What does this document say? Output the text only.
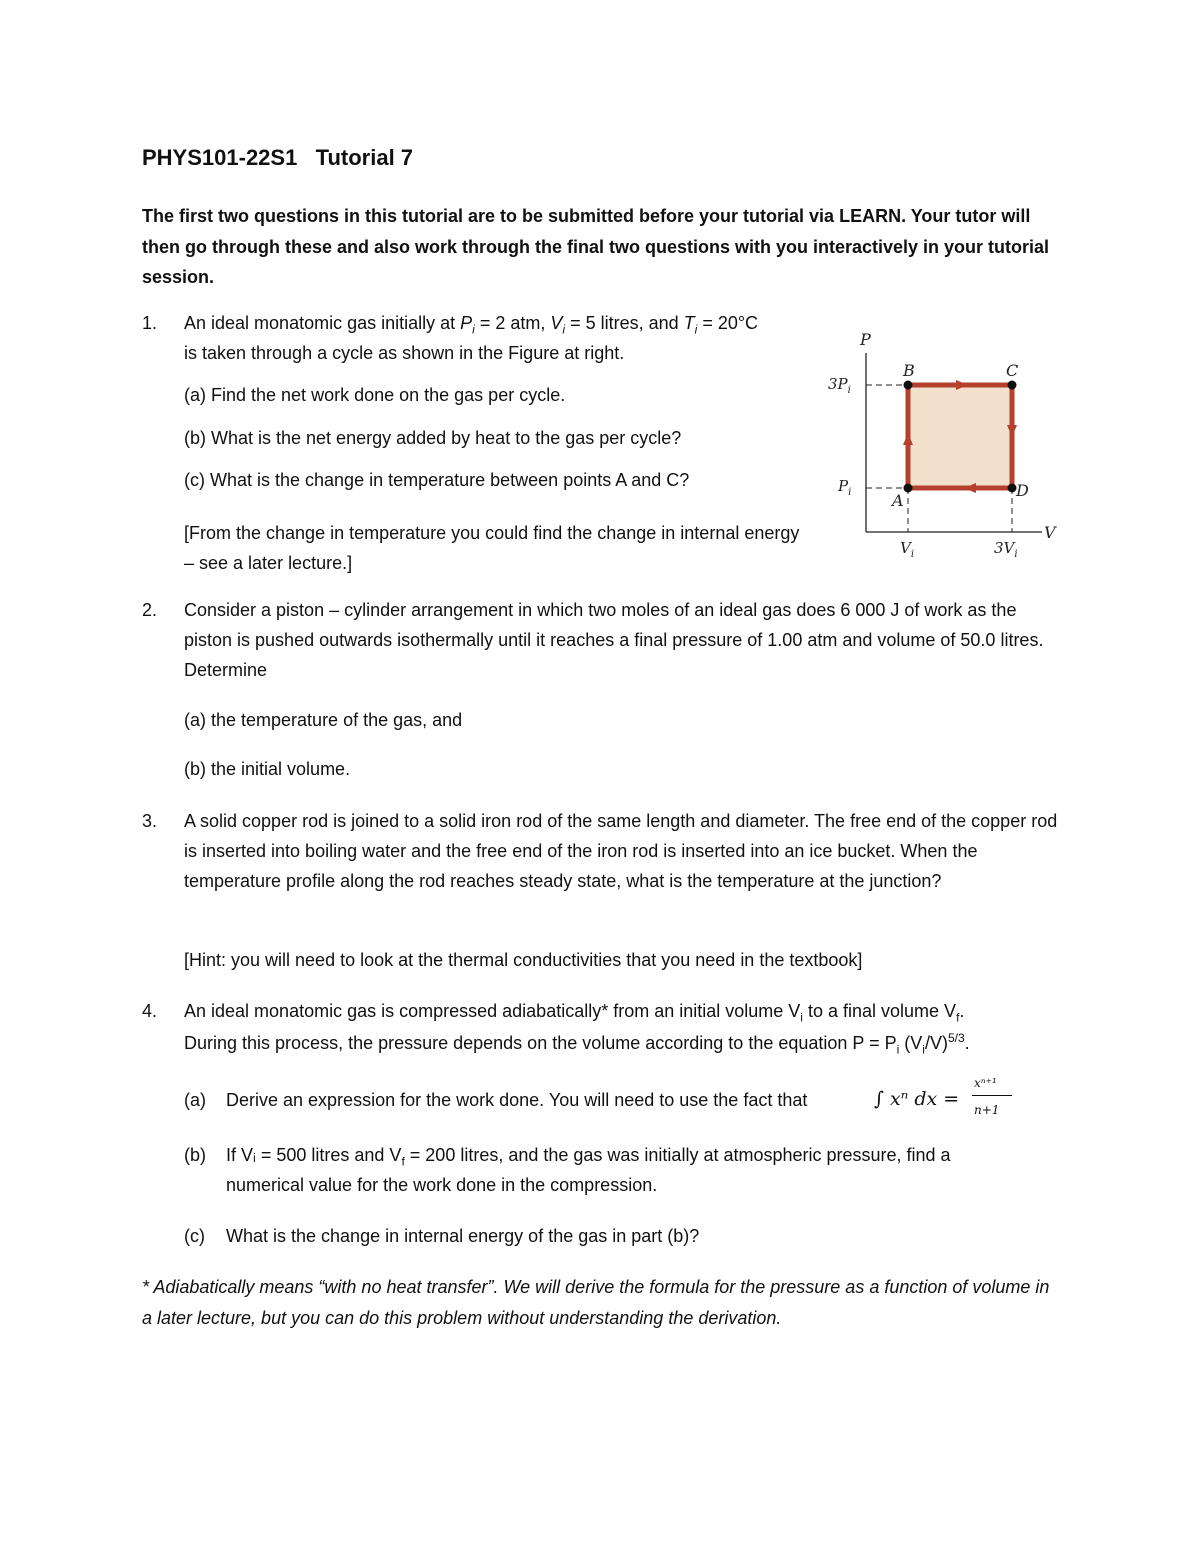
PHYS101-22S1   Tutorial 7
The first two questions in this tutorial are to be submitted before your tutorial via LEARN. Your tutor will then go through these and also work through the final two questions with you interactively in your tutorial session.
1. An ideal monatomic gas initially at $P_i = 2$ atm, $V_i = 5$ litres, and $T_i = 20^\circ C$
is taken through a cycle as shown in the Figure at right.
(a) Find the net work done on the gas per cycle.
(b) What is the net energy added by heat to the gas per cycle?
(c) What is the change in temperature between points A and C?
[From the change in temperature you could find the change in internal energy – see a later lecture.]
P
V
$3P_i$
$P_i$
$V_i$	$3V_i$
B	C
A
D
2. Consider a piston – cylinder arrangement in which two moles of an ideal gas does 6 000 J of work as the piston is pushed outwards isothermally until it reaches a final pressure of 1.00 atm and volume of 50.0 litres. Determine
(a) the temperature of the gas, and
(b) the initial volume.
3. A solid copper rod is joined to a solid iron rod of the same length and diameter. The free end of the copper rod is inserted into boiling water and the free end of the iron rod is inserted into an ice bucket. When the temperature profile along the rod reaches steady state, what is the temperature at the junction?
[Hint: you will need to look at the thermal conductivities that you need in the textbook]
4. An ideal monatomic gas is compressed adiabatically* from an initial volume $V_i$ to a final volume $V_f$.
During this process, the pressure depends on the volume according to the equation $P = P_i$ $(V_i/V)^{5/3}$.
(a) Derive an expression for the work done. You will need to use the fact that	∫ xⁿ dx =
xⁿ⁺¹
n+1
(b) If Vᵢ = 500 litres and $V_f = 200$ litres, and the gas was initially at atmospheric pressure, find a
numerical value for the work done in the compression.
(c) What is the change in internal energy of the gas in part (b)?
* Adiabatically means “with no heat transfer”. We will derive the formula for the pressure as a function of volume in a later lecture, but you can do this problem without understanding the derivation.
